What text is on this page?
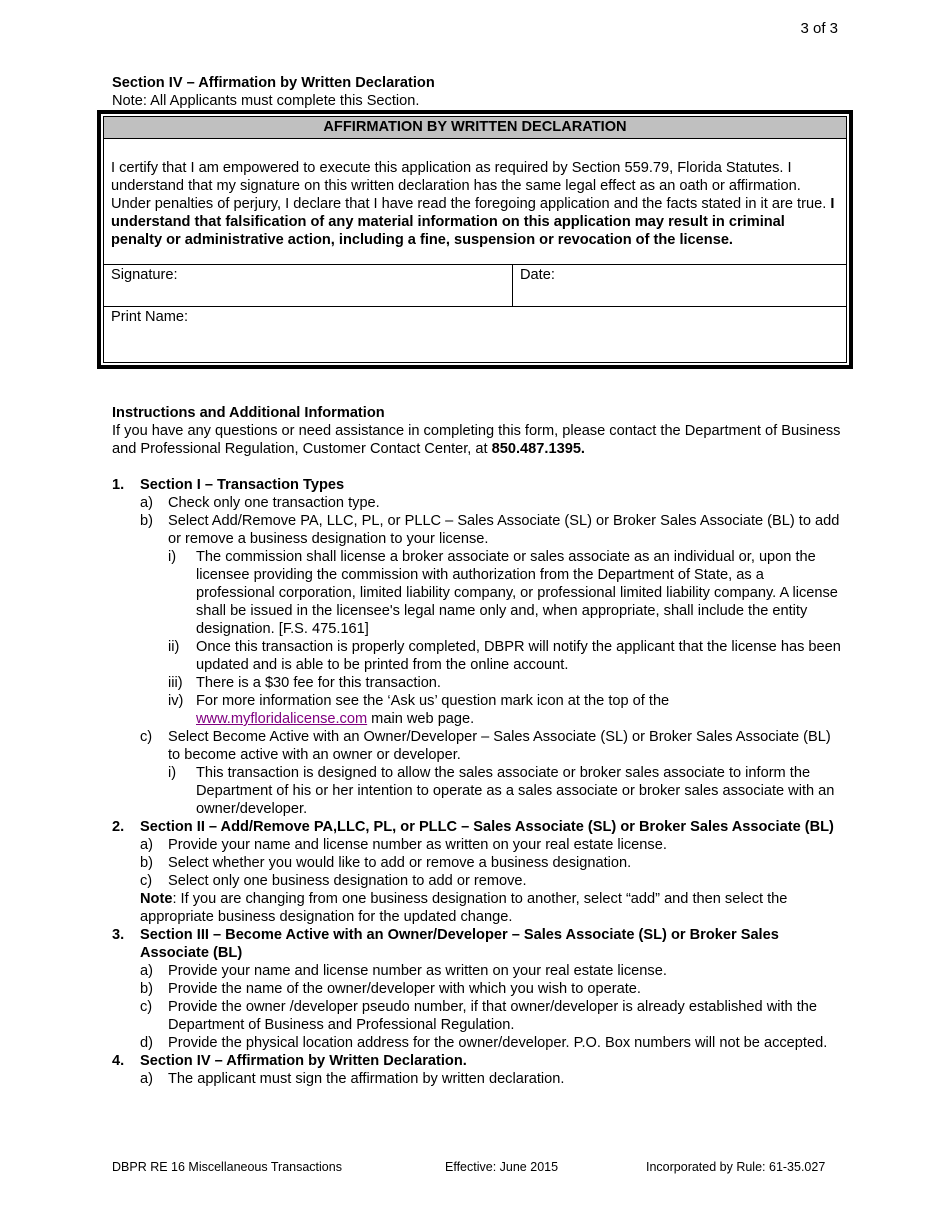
3 of 3
Section IV – Affirmation by Written Declaration
Note: All Applicants must complete this Section.
AFFIRMATION BY WRITTEN DECLARATION
I certify that I am empowered to execute this application as required by Section 559.79, Florida Statutes. I understand that my signature on this written declaration has the same legal effect as an oath or affirmation. Under penalties of perjury, I declare that I have read the foregoing application and the facts stated in it are true. I understand that falsification of any material information on this application may result in criminal penalty or administrative action, including a fine, suspension or revocation of the license.
Signature:	Date:
Print Name:
Instructions and Additional Information
If you have any questions or need assistance in completing this form, please contact the Department of Business and Professional Regulation, Customer Contact Center, at 850.487.1395.
1. Section I – Transaction Types
a) Check only one transaction type.
b) Select Add/Remove PA, LLC, PL, or PLLC – Sales Associate (SL) or Broker Sales Associate (BL) to add or remove a business designation to your license.
i) The commission shall license a broker associate or sales associate as an individual or, upon the licensee providing the commission with authorization from the Department of State, as a professional corporation, limited liability company, or professional limited liability company. A license shall be issued in the licensee's legal name only and, when appropriate, shall include the entity designation. [F.S. 475.161]
ii) Once this transaction is properly completed, DBPR will notify the applicant that the license has been updated and is able to be printed from the online account.
iii) There is a $30 fee for this transaction.
iv) For more information see the ‘Ask us’ question mark icon at the top of the www.myfloridalicense.com main web page.
c) Select Become Active with an Owner/Developer – Sales Associate (SL) or Broker Sales Associate (BL) to become active with an owner or developer.
i) This transaction is designed to allow the sales associate or broker sales associate to inform the Department of his or her intention to operate as a sales associate or broker sales associate with an owner/developer.
2. Section II – Add/Remove PA,LLC, PL, or PLLC – Sales Associate (SL) or Broker Sales Associate (BL)
a) Provide your name and license number as written on your real estate license.
b) Select whether you would like to add or remove a business designation.
c) Select only one business designation to add or remove.
Note: If you are changing from one business designation to another, select “add” and then select the appropriate business designation for the updated change.
3. Section III – Become Active with an Owner/Developer – Sales Associate (SL) or Broker Sales Associate (BL)
a) Provide your name and license number as written on your real estate license.
b) Provide the name of the owner/developer with which you wish to operate.
c) Provide the owner /developer pseudo number, if that owner/developer is already established with the Department of Business and Professional Regulation.
d) Provide the physical location address for the owner/developer. P.O. Box numbers will not be accepted.
4. Section IV – Affirmation by Written Declaration.
a) The applicant must sign the affirmation by written declaration.
DBPR RE 16 Miscellaneous Transactions	Effective: June 2015	Incorporated by Rule: 61-35.027
